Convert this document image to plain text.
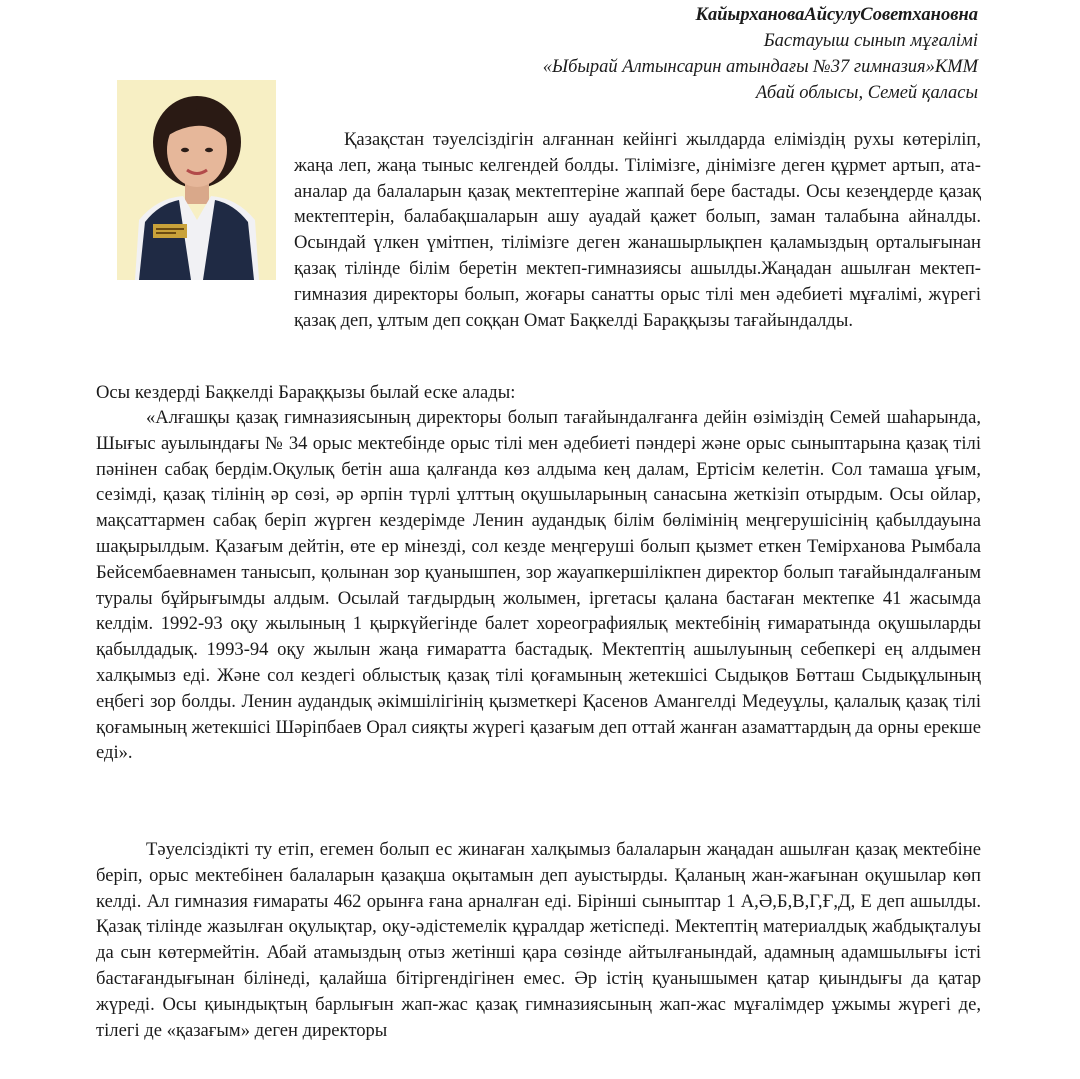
КайырхановаАйсулуСоветхановна
Бастауыш сынып мұғалімі
«Ыбырай Алтынсарин атындағы №37 гимназия»КММ
Абай облысы, Семей қаласы
Қазақстан тәуелсіздігін алғаннан кейінгі жылдарда еліміздің рухы көтеріліп, жаңа леп, жаңа тыныс келгендей болды. Тілімізге, дінімізге деген құрмет артып, ата-аналар да балаларын қазақ мектептеріне жаппай бере бастады. Осы кезеңдерде қазақ мектептерін, балабақшаларын ашу ауадай қажет болып, заман талабына айналды. Осындай үлкен үмітпен, тілімізге деген жанашырлықпен қаламыздың орталығынан қазақ тілінде білім беретін мектеп-гимназиясы ашылды.Жаңадан ашылған мектеп-гимназия директоры болып, жоғары санатты орыс тілі мен әдебиеті мұғалімі, жүрегі қазақ деп, ұлтым деп соққан Омат Бақкелді Бараққызы тағайындалды.
Осы кездерді Бақкелді Бараққызы былай еске алады:
«Алғашқы қазақ гимназиясының директоры болып тағайындалғанға дейін өзіміздің Семей шаһарында, Шығыс ауылындағы № 34 орыс мектебінде орыс тілі мен әдебиеті пәндері және орыс сыныптарына қазақ тілі пәнінен сабақ бердім.Оқулық бетін аша қалғанда көз алдыма кең далам, Ертісім келетін. Сол тамаша ұғым, сезімді, қазақ тілінің әр сөзі, әр әрпін түрлі ұлттың оқушыларының санасына жеткізіп отырдым. Осы ойлар, мақсаттармен сабақ беріп жүрген кездерімде Ленин аудандық білім бөлімінің меңгерушісінің қабылдауына шақырылдым. Қазағым дейтін, өте ер мінезді, сол кезде меңгеруші болып қызмет еткен Темірханова Рымбала Бейсембаевнамен танысып, қолынан зор қуанышпен, зор жауапкершілікпен директор болып тағайындалғаным туралы бұйрығымды алдым. Осылай тағдырдың жолымен, іргетасы қалана бастаған мектепке 41 жасымда келдім. 1992-93 оқу жылының 1 қыркүйегінде балет хореографиялық мектебінің ғимаратында оқушыларды қабылдадық. 1993-94 оқу жылын жаңа ғимаратта бастадық. Мектептің ашылуының себепкері ең алдымен халқымыз еді. Және сол кездегі облыстық қазақ тілі қоғамының жетекшісі Сыдықов Бөтташ Сыдықұлының еңбегі зор болды. Ленин аудандық әкімшілігінің қызметкері Қасенов Амангелді Медеуұлы, қалалық қазақ тілі қоғамының жетекшісі Шәріпбаев Орал сияқты жүрегі қазағым деп оттай жанған азаматтардың да орны ерекше еді».
Тәуелсіздікті ту етіп, егемен болып ес жинаған халқымыз балаларын жаңадан ашылған қазақ мектебіне беріп, орыс мектебінен балаларын қазақша оқытамын деп ауыстырды. Қаланың жан-жағынан оқушылар көп келді. Ал гимназия ғимараты 462 орынға ғана арналған еді. Бірінші сыныптар 1 А,Ә,Б,В,Г,Ғ,Д, Е деп ашылды. Қазақ тілінде жазылған оқулықтар, оқу-әдістемелік құралдар жетіспеді. Мектептің материалдық жабдықталуы да сын көтермейтін. Абай атамыздың отыз жетінші қара сөзінде айтылғанындай, адамның адамшылығы істі бастағандығынан білінеді, қалайша бітіргендігінен емес. Әр істің қуанышымен қатар қиындығы да қатар жүреді. Осы қиындықтың барлығын жап-жас қазақ гимназиясының жап-жас мұғалімдер ұжымы жүрегі де, тілегі де «қазағым» деген директоры
